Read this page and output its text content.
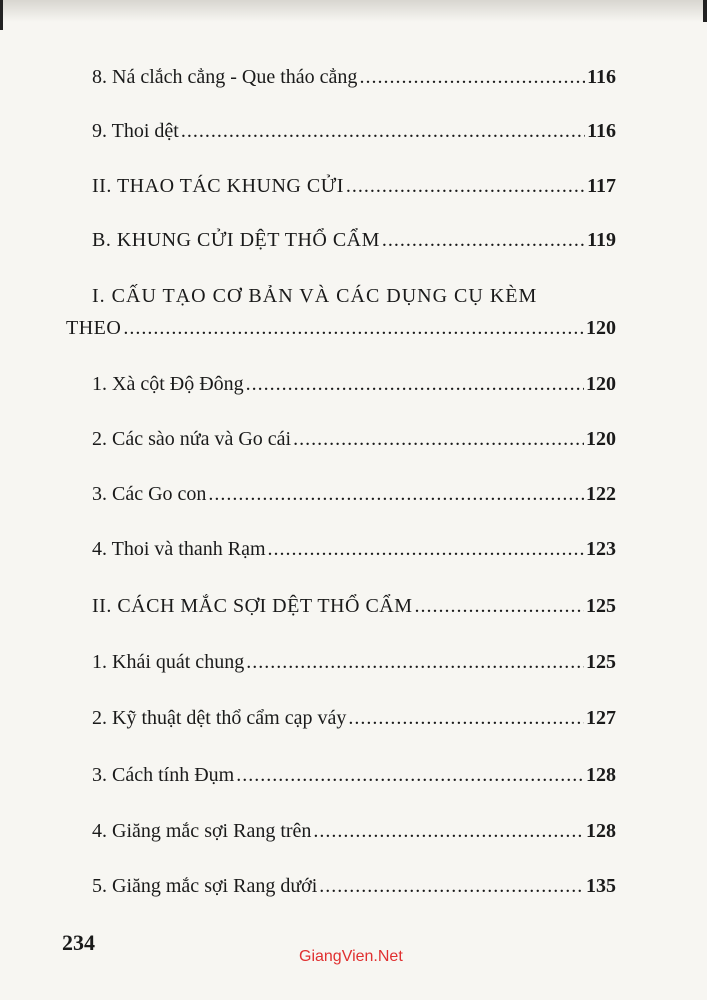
8. Ná clắch cẳng - Que tháo cẳng .....	116
9. Thoi dệt .....	116
II. THAO TÁC KHUNG CỬI .....	117
B. KHUNG CỬI DỆT THỔ CẨM .....	119
I. CẤU TẠO CƠ BẢN VÀ CÁC DỤNG CỤ KÈM
THEO .....	120
1. Xà cột Độ Đông .....	120
2. Các sào nứa và Go cái .....	120
3. Các Go con .....	122
4. Thoi và thanh Rạm .....	123
II. CÁCH MẮC SỢI DỆT THỔ CẨM .....	125
1. Khái quát chung .....	125
2. Kỹ thuật dệt thổ cẩm cạp váy .....	127
3. Cách tính Đụm .....	128
4. Giăng mắc sợi Rang trên .....	128
5. Giăng mắc sợi Rang dưới .....	135
234
GiangVien.Net
